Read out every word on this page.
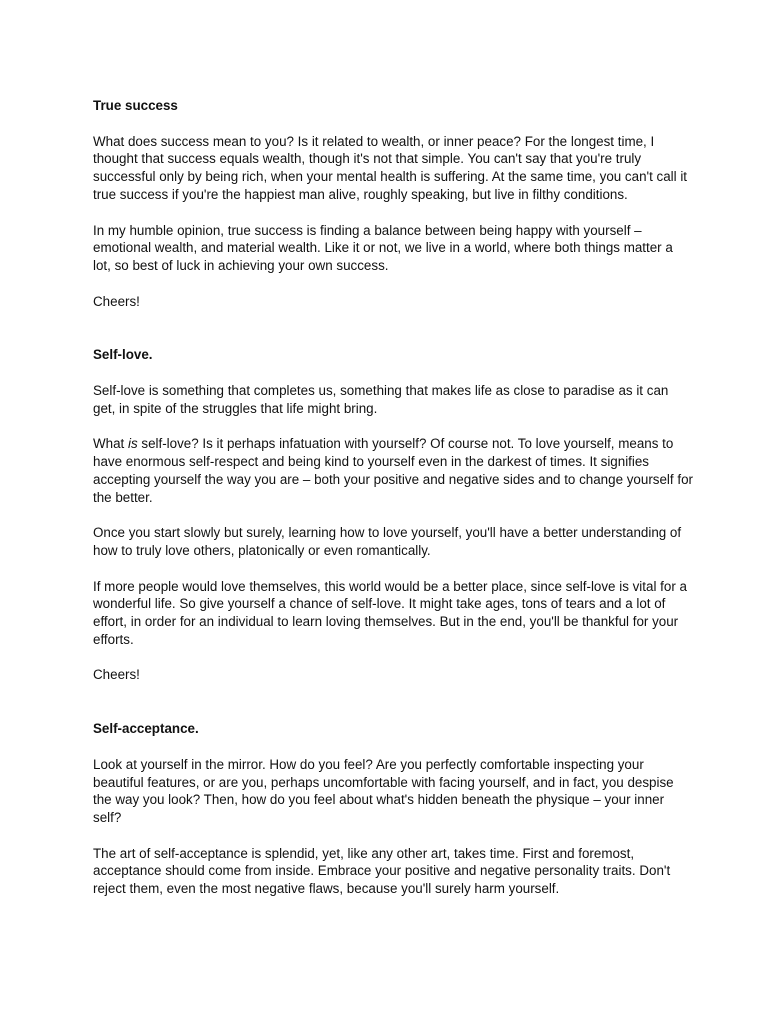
True success

What does success mean to you? Is it related to wealth, or inner peace? For the longest time, I thought that success equals wealth, though it's not that simple. You can't say that you're truly successful only by being rich, when your mental health is suffering. At the same time, you can't call it true success if you're the happiest man alive, roughly speaking, but live in filthy conditions.

In my humble opinion, true success is finding a balance between being happy with yourself – emotional wealth, and material wealth. Like it or not, we live in a world, where both things matter a lot, so best of luck in achieving your own success.

Cheers!

Self-love.

Self-love is something that completes us, something that makes life as close to paradise as it can get, in spite of the struggles that life might bring.

What is self-love? Is it perhaps infatuation with yourself? Of course not. To love yourself, means to have enormous self-respect and being kind to yourself even in the darkest of times. It signifies accepting yourself the way you are – both your positive and negative sides and to change yourself for the better.

Once you start slowly but surely, learning how to love yourself, you'll have a better understanding of how to truly love others, platonically or even romantically.

If more people would love themselves, this world would be a better place, since self-love is vital for a wonderful life. So give yourself a chance of self-love. It might take ages, tons of tears and a lot of effort, in order for an individual to learn loving themselves. But in the end, you'll be thankful for your efforts.

Cheers!

Self-acceptance.

Look at yourself in the mirror. How do you feel? Are you perfectly comfortable inspecting your beautiful features, or are you, perhaps uncomfortable with facing yourself, and in fact, you despise the way you look? Then, how do you feel about what's hidden beneath the physique – your inner self?

The art of self-acceptance is splendid, yet, like any other art, takes time. First and foremost, acceptance should come from inside. Embrace your positive and negative personality traits. Don't reject them, even the most negative flaws, because you'll surely harm yourself.
